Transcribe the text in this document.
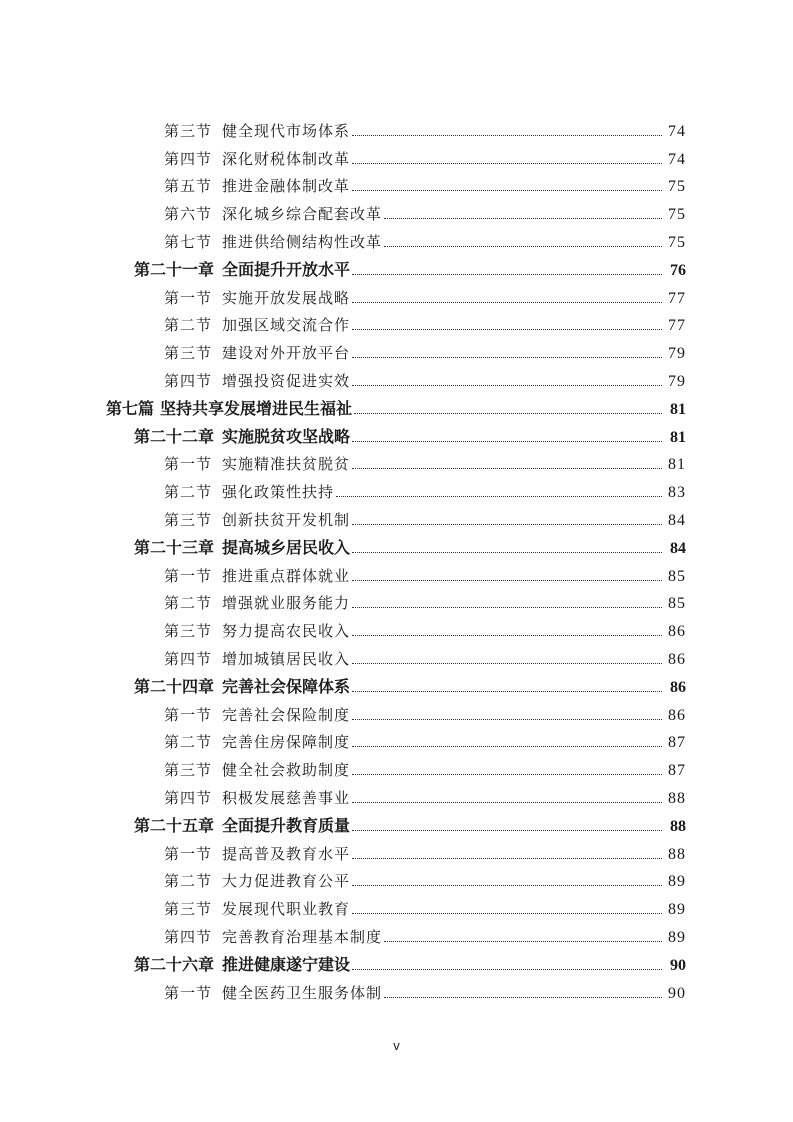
第三节 健全现代市场体系	74
第四节 深化财税体制改革	74
第五节 推进金融体制改革	75
第六节 深化城乡综合配套改革	75
第七节 推进供给侧结构性改革	75
第二十一章 全面提升开放水平	76
第一节 实施开放发展战略	77
第二节 加强区域交流合作	77
第三节 建设对外开放平台	79
第四节 增强投资促进实效	79
第七篇 坚持共享发展增进民生福祉	81
第二十二章 实施脱贫攻坚战略	81
第一节 实施精准扶贫脱贫	81
第二节 强化政策性扶持	83
第三节 创新扶贫开发机制	84
第二十三章 提高城乡居民收入	84
第一节 推进重点群体就业	85
第二节 增强就业服务能力	85
第三节 努力提高农民收入	86
第四节 增加城镇居民收入	86
第二十四章 完善社会保障体系	86
第一节 完善社会保险制度	86
第二节 完善住房保障制度	87
第三节 健全社会救助制度	87
第四节 积极发展慈善事业	88
第二十五章 全面提升教育质量	88
第一节 提高普及教育水平	88
第二节 大力促进教育公平	89
第三节 发展现代职业教育	89
第四节 完善教育治理基本制度	89
第二十六章 推进健康遂宁建设	90
第一节 健全医药卫生服务体制	90
v
